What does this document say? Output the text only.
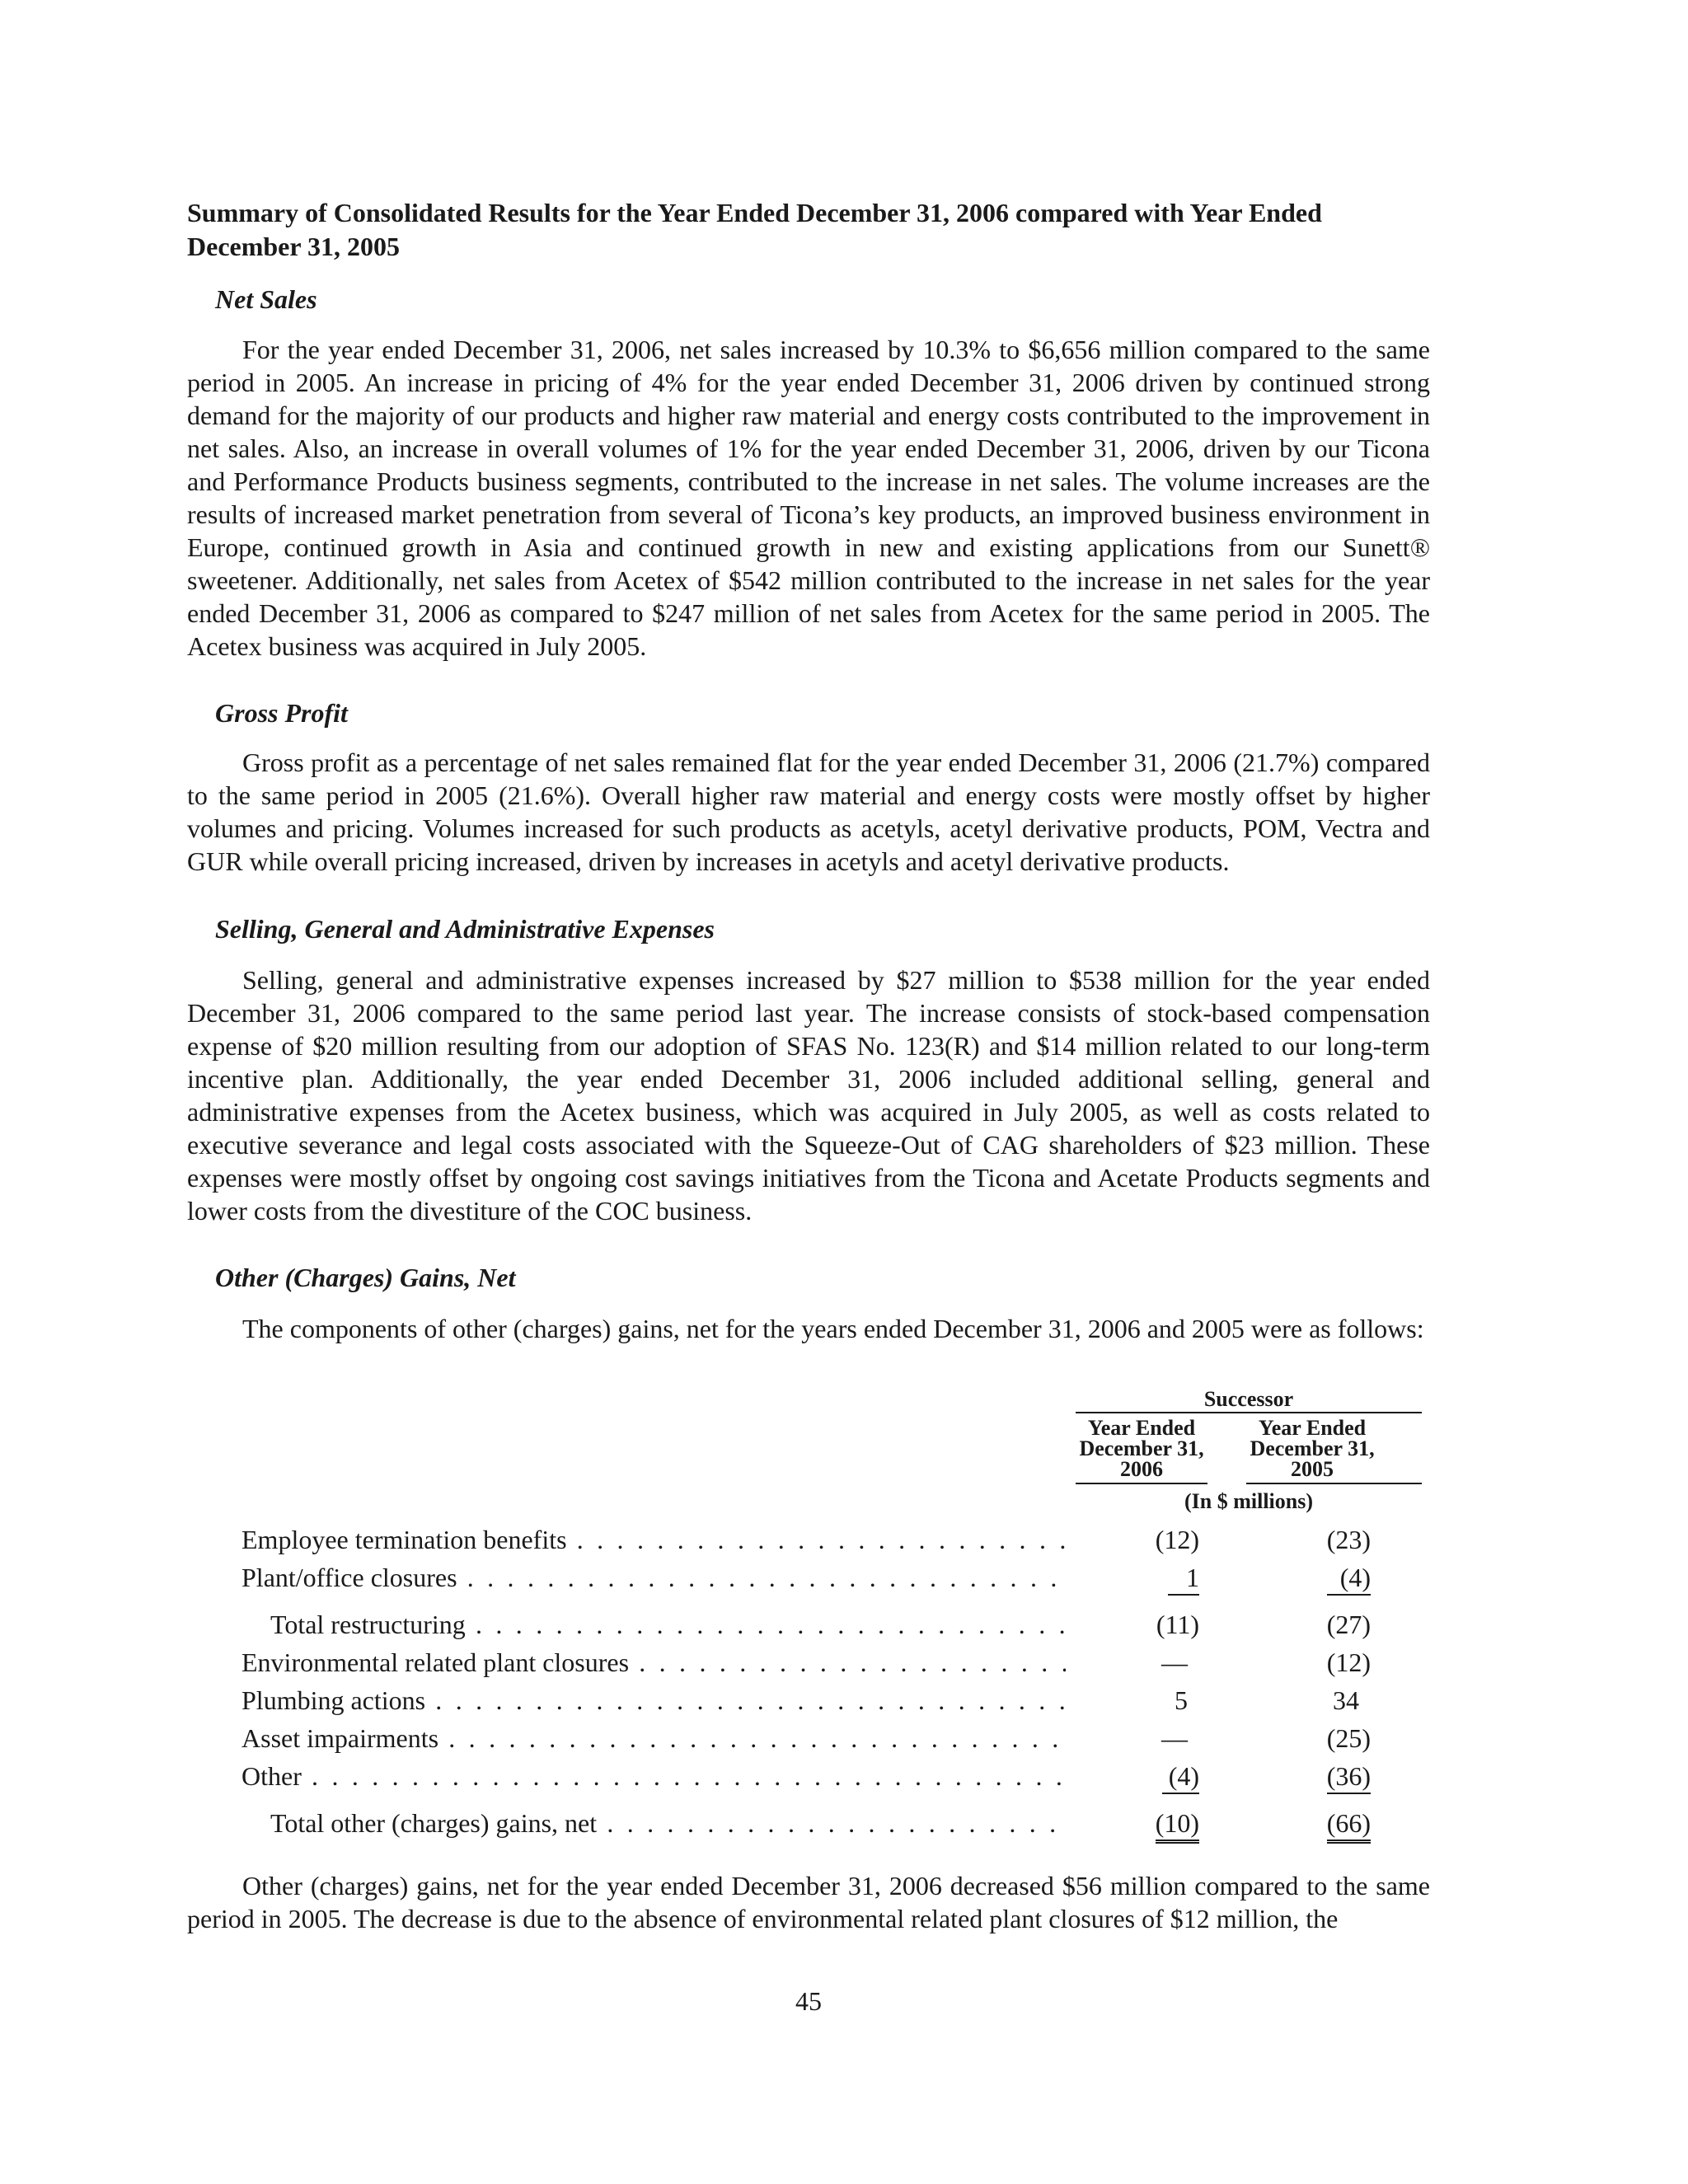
Summary of Consolidated Results for the Year Ended December 31, 2006 compared with Year Ended December 31, 2005
Net Sales

For the year ended December 31, 2006, net sales increased by 10.3% to $6,656 million compared to the same period in 2005. An increase in pricing of 4% for the year ended December 31, 2006 driven by continued strong demand for the majority of our products and higher raw material and energy costs contributed to the improvement in net sales. Also, an increase in overall volumes of 1% for the year ended December 31, 2006, driven by our Ticona and Performance Products business segments, contributed to the increase in net sales. The volume increases are the results of increased market penetration from several of Ticona’s key products, an improved business environment in Europe, continued growth in Asia and continued growth in new and existing applications from our Sunett® sweetener. Additionally, net sales from Acetex of $542 million contributed to the increase in net sales for the year ended December 31, 2006 as compared to $247 million of net sales from Acetex for the same period in 2005. The Acetex business was acquired in July 2005.

Gross Profit

Gross profit as a percentage of net sales remained flat for the year ended December 31, 2006 (21.7%) compared to the same period in 2005 (21.6%). Overall higher raw material and energy costs were mostly offset by higher volumes and pricing. Volumes increased for such products as acetyls, acetyl derivative products, POM, Vectra and GUR while overall pricing increased, driven by increases in acetyls and acetyl derivative products.

Selling, General and Administrative Expenses

Selling, general and administrative expenses increased by $27 million to $538 million for the year ended December 31, 2006 compared to the same period last year. The increase consists of stock-based compensation expense of $20 million resulting from our adoption of SFAS No. 123(R) and $14 million related to our long-term incentive plan. Additionally, the year ended December 31, 2006 included additional selling, general and administrative expenses from the Acetex business, which was acquired in July 2005, as well as costs related to executive severance and legal costs associated with the Squeeze-Out of CAG shareholders of $23 million. These expenses were mostly offset by ongoing cost savings initiatives from the Ticona and Acetate Products segments and lower costs from the divestiture of the COC business.

Other (Charges) Gains, Net

The components of other (charges) gains, net for the years ended December 31, 2006 and 2005 were as follows:

Successor
Year Ended
December 31,
2006
Year Ended
December 31,
2005
(In $ millions)
Employee termination benefits . . .	(12)	(23)
Plant/office closures . . .	1	(4)
Total restructuring . . .	(11)	(27)
Environmental related plant closures . . .	—	(12)
Plumbing actions . . .	5	34
Asset impairments . . .	—	(25)
Other . . .	(4)	(36)
Total other (charges) gains, net . . .	(10)	(66)

Other (charges) gains, net for the year ended December 31, 2006 decreased $56 million compared to the same period in 2005. The decrease is due to the absence of environmental related plant closures of $12 million, the

45
